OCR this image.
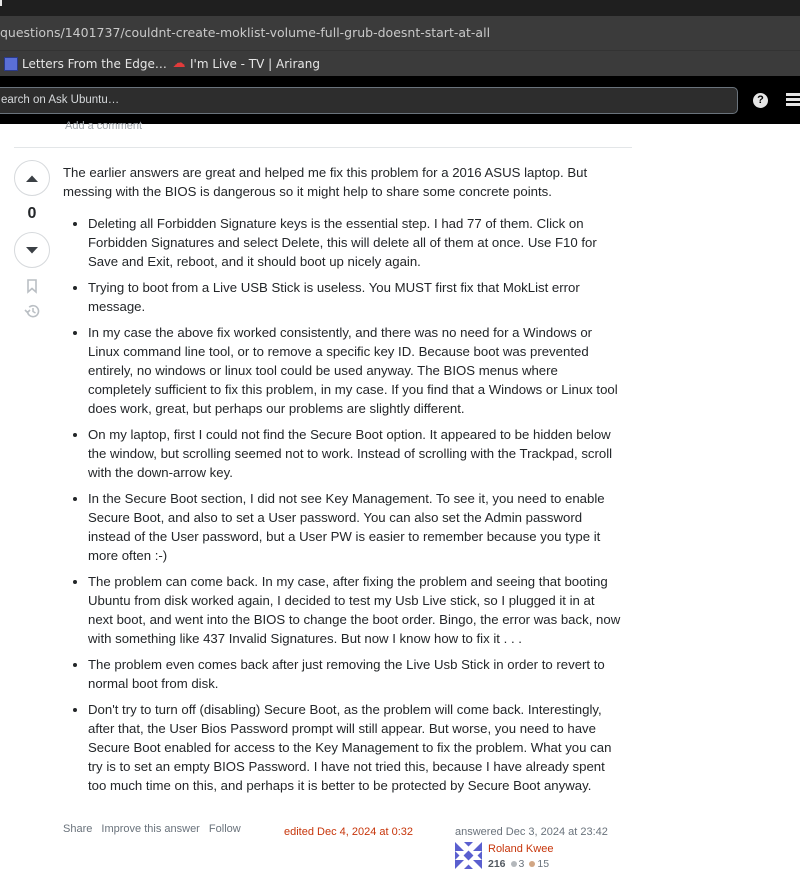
questions/1401737/couldnt-create-moklist-volume-full-grub-doesnt-start-at-all
Letters From the Edge… ☁ I'm Live - TV | Arirang
earch on Ask Ubuntu…	?
Add a comment
0

The earlier answers are great and helped me fix this problem for a 2016 ASUS laptop. But messing with the BIOS is dangerous so it might help to share some concrete points.

• Deleting all Forbidden Signature keys is the essential step. I had 77 of them. Click on Forbidden Signatures and select Delete, this will delete all of them at once. Use F10 for Save and Exit, reboot, and it should boot up nicely again.
• Trying to boot from a Live USB Stick is useless. You MUST first fix that MokList error message.
• In my case the above fix worked consistently, and there was no need for a Windows or Linux command line tool, or to remove a specific key ID. Because boot was prevented entirely, no windows or linux tool could be used anyway. The BIOS menus where completely sufficient to fix this problem, in my case. If you find that a Windows or Linux tool does work, great, but perhaps our problems are slightly different.
• On my laptop, first I could not find the Secure Boot option. It appeared to be hidden below the window, but scrolling seemed not to work. Instead of scrolling with the Trackpad, scroll with the down-arrow key.
• In the Secure Boot section, I did not see Key Management. To see it, you need to enable Secure Boot, and also to set a User password. You can also set the Admin password instead of the User password, but a User PW is easier to remember because you type it more often :-)
• The problem can come back. In my case, after fixing the problem and seeing that booting Ubuntu from disk worked again, I decided to test my Usb Live stick, so I plugged it in at next boot, and went into the BIOS to change the boot order. Bingo, the error was back, now with something like 437 Invalid Signatures. But now I know how to fix it . . .
• The problem even comes back after just removing the Live Usb Stick in order to revert to normal boot from disk.
• Don't try to turn off (disabling) Secure Boot, as the problem will come back. Interestingly, after that, the User Bios Password prompt will still appear. But worse, you need to have Secure Boot enabled for access to the Key Management to fix the problem. What you can try is to set an empty BIOS Password. I have not tried this, because I have already spent too much time on this, and perhaps it is better to be protected by Secure Boot anyway.
Share Improve this answer Follow	edited Dec 4, 2024 at 0:32	answered Dec 3, 2024 at 23:42
Roland Kwee
216 3 15
